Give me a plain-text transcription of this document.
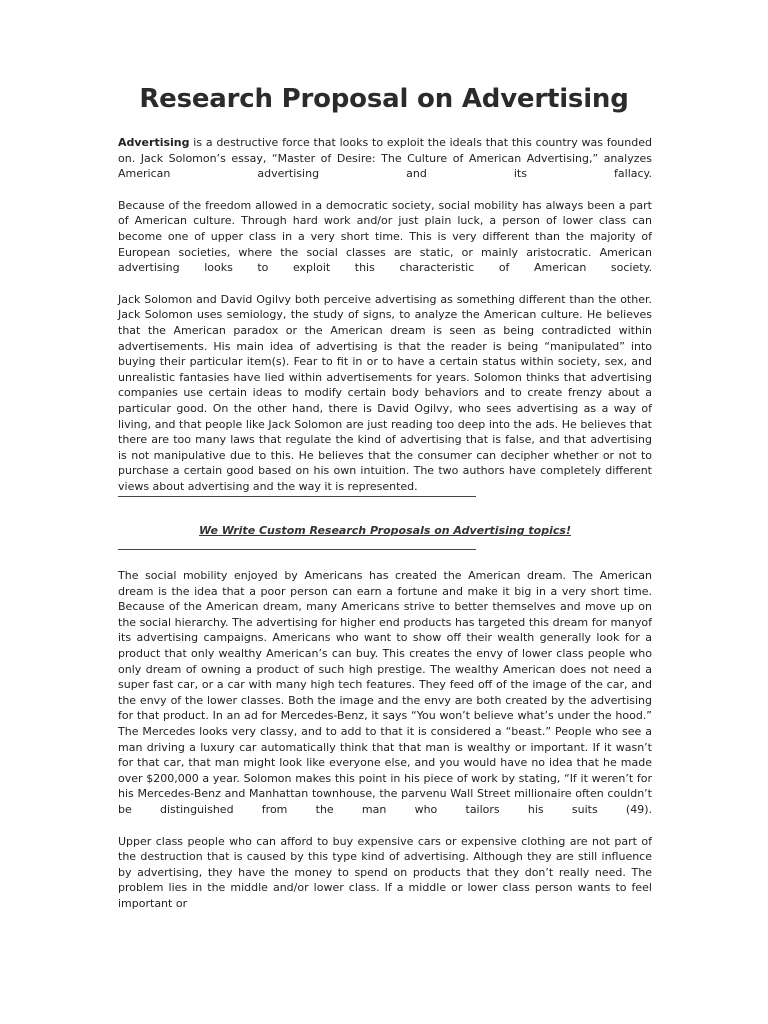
Research Proposal on Advertising

Advertising is a destructive force that looks to exploit the ideals that this country was founded on. Jack Solomon’s essay, “Master of Desire: The Culture of American Advertising,” analyzes American advertising and its fallacy.

Because of the freedom allowed in a democratic society, social mobility has always been a part of American culture. Through hard work and/or just plain luck, a person of lower class can become one of upper class in a very short time. This is very different than the majority of European societies, where the social classes are static, or mainly aristocratic. American advertising looks to exploit this characteristic of American society.

Jack Solomon and David Ogilvy both perceive advertising as something different than the other. Jack Solomon uses semiology, the study of signs, to analyze the American culture. He believes that the American paradox or the American dream is seen as being contradicted within advertisements. His main idea of advertising is that the reader is being “manipulated” into buying their particular item(s). Fear to fit in or to have a certain status within society, sex, and unrealistic fantasies have lied within advertisements for years. Solomon thinks that advertising companies use certain ideas to modify certain body behaviors and to create frenzy about a particular good. On the other hand, there is David Ogilvy, who sees advertising as a way of living, and that people like Jack Solomon are just reading too deep into the ads. He believes that there are too many laws that regulate the kind of advertising that is false, and that advertising is not manipulative due to this. He believes that the consumer can decipher whether or not to purchase a certain good based on his own intuition. The two authors have completely different views about advertising and the way it is represented.

We Write Custom Research Proposals on Advertising topics!

The social mobility enjoyed by Americans has created the American dream. The American dream is the idea that a poor person can earn a fortune and make it big in a very short time. Because of the American dream, many Americans strive to better themselves and move up on the social hierarchy. The advertising for higher end products has targeted this dream for manyof its advertising campaigns. Americans who want to show off their wealth generally look for a product that only wealthy American’s can buy. This creates the envy of lower class people who only dream of owning a product of such high prestige. The wealthy American does not need a super fast car, or a car with many high tech features. They feed off of the image of the car, and the envy of the lower classes. Both the image and the envy are both created by the advertising for that product. In an ad for Mercedes-Benz, it says “You won’t believe what’s under the hood.” The Mercedes looks very classy, and to add to that it is considered a “beast.” People who see a man driving a luxury car automatically think that that man is wealthy or important. If it wasn’t for that car, that man might look like everyone else, and you would have no idea that he made over $200,000 a year. Solomon makes this point in his piece of work by stating, “If it weren’t for his Mercedes-Benz and Manhattan townhouse, the parvenu Wall Street millionaire often couldn’t be distinguished from the man who tailors his suits (49).

Upper class people who can afford to buy expensive cars or expensive clothing are not part of the destruction that is caused by this type kind of advertising. Although they are still influence by advertising, they have the money to spend on products that they don’t really need. The problem lies in the middle and/or lower class. If a middle or lower class person wants to feel important or
